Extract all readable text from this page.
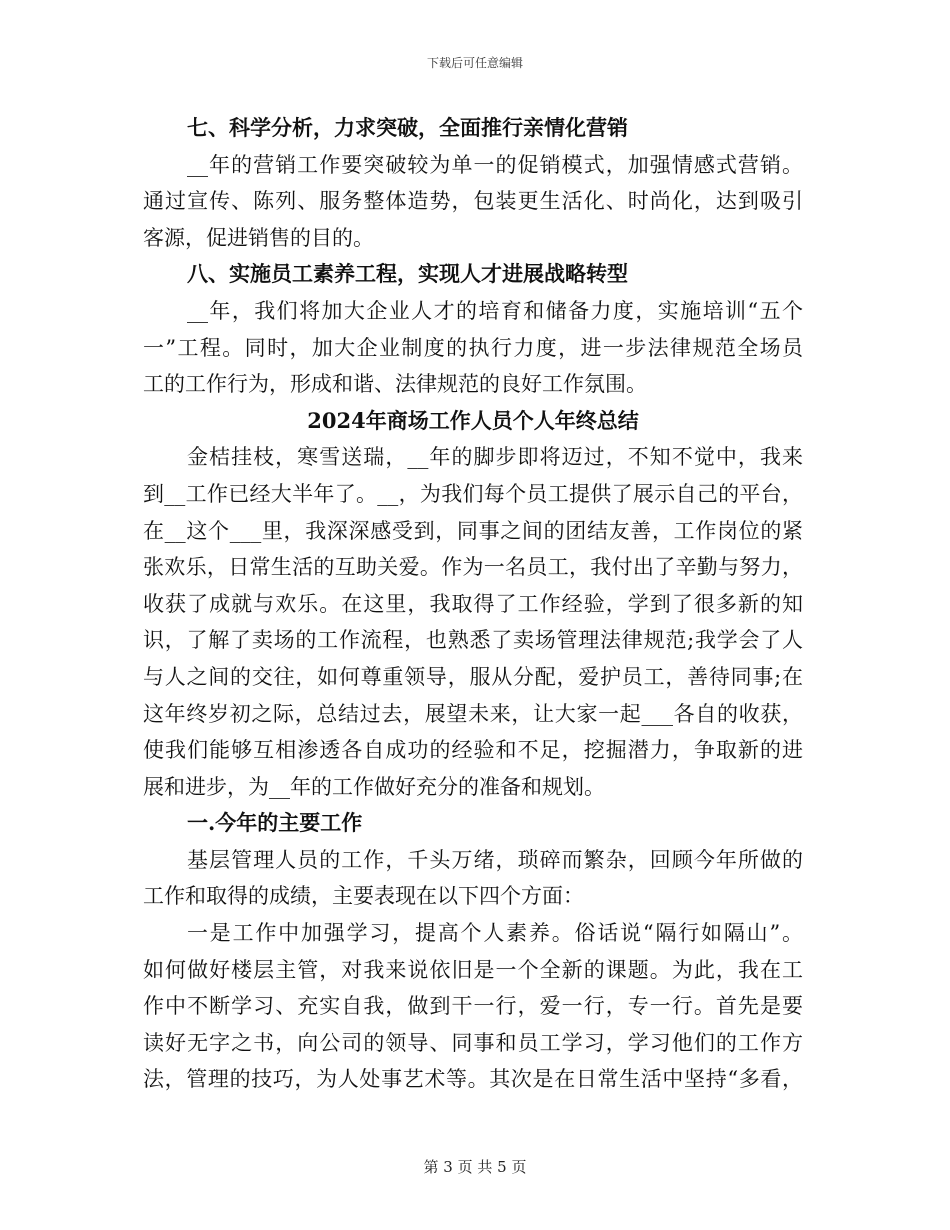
下载后可任意编辑
七、科学分析，力求突破，全面推行亲情化营销
__年的营销工作要突破较为单一的促销模式，加强情感式营销。
通过宣传、陈列、服务整体造势，包装更生活化、时尚化，达到吸引
客源，促进销售的目的。
八、实施员工素养工程，实现人才进展战略转型
__年，我们将加大企业人才的培育和储备力度，实施培训“五个
一”工程。同时，加大企业制度的执行力度，进一步法律规范全场员
工的工作行为，形成和谐、法律规范的良好工作氛围。
2024年商场工作人员个人年终总结
金桔挂枝，寒雪送瑞，__年的脚步即将迈过，不知不觉中，我来
到__工作已经大半年了。__，为我们每个员工提供了展示自己的平台，
在__这个___里，我深深感受到，同事之间的团结友善，工作岗位的紧
张欢乐，日常生活的互助关爱。作为一名员工，我付出了辛勤与努力，
收获了成就与欢乐。在这里，我取得了工作经验，学到了很多新的知
识，了解了卖场的工作流程，也熟悉了卖场管理法律规范;我学会了人
与人之间的交往，如何尊重领导，服从分配，爱护员工，善待同事;在
这年终岁初之际，总结过去，展望未来，让大家一起___各自的收获，
使我们能够互相渗透各自成功的经验和不足，挖掘潜力，争取新的进
展和进步，为__年的工作做好充分的准备和规划。
一.今年的主要工作
基层管理人员的工作，千头万绪，琐碎而繁杂，回顾今年所做的
工作和取得的成绩，主要表现在以下四个方面：
一是工作中加强学习，提高个人素养。俗话说“隔行如隔山”。
如何做好楼层主管，对我来说依旧是一个全新的课题。为此，我在工
作中不断学习、充实自我，做到干一行，爱一行，专一行。首先是要
读好无字之书，向公司的领导、同事和员工学习，学习他们的工作方
法，管理的技巧，为人处事艺术等。其次是在日常生活中坚持“多看，
第 3 页 共 5 页
